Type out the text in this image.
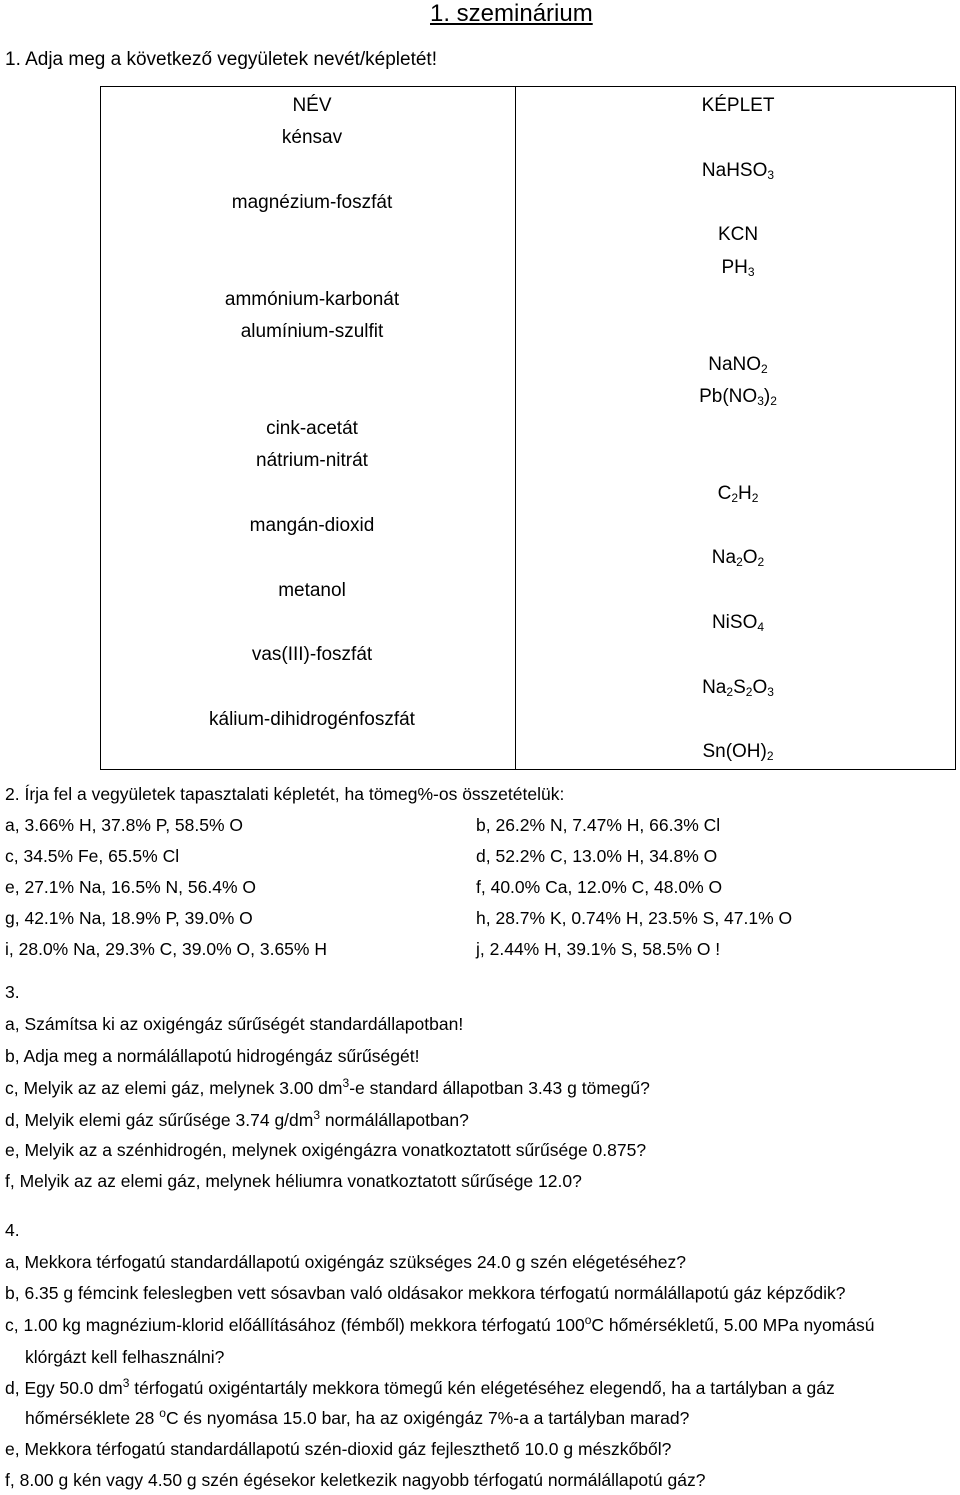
1. szeminárium
1. Adja meg a következő vegyületek nevét/képletét!
NÉV	KÉPLET
kénsav
magnézium-foszfát
ammónium-karbonát
alumínium-szulfit
cink-acetát
nátrium-nitrát
mangán-dioxid
metanol
vas(III)-foszfát
kálium-dihidrogénfoszfát
NaHSO$_3$
KCN
$PH_3$
NaNO$_2$
$Pb(NO_3)_2$
$C_2H_2$
$Na_2O_2$
NiSO$_4$
$Na_2S_2O_3$
$Sn(OH)_2$
2. Írja fel a vegyületek tapasztalati képletét, ha tömeg%-os összetételük:
a, 3.66% H, 37.8% P, 58.5% O
c, 34.5% Fe, 65.5% Cl
e, 27.1% Na, 16.5% N, 56.4% O
g, 42.1% Na, 18.9% P, 39.0% O
i, 28.0% Na, 29.3% C, 39.0% O, 3.65% H
b, 26.2% N, 7.47% H, 66.3% Cl
d, 52.2% C, 13.0% H, 34.8% O
f, 40.0% Ca, 12.0% C, 48.0% O
h, 28.7% K, 0.74% H, 23.5% S, 47.1% O
j, 2.44% H, 39.1% S, 58.5% O !
3.
a, Számítsa ki az oxigéngáz sűrűségét standardállapotban!
b, Adja meg a normálállapotú hidrogéngáz sűrűségét!
c, Melyik az az elemi gáz, melynek 3.00 $dm^3-e$ standard állapotban 3.43 g tömegű?
d, Melyik elemi gáz sűrűsége 3.74 $g/dm^3$ normálállapotban?
e, Melyik az a szénhidrogén, melynek oxigéngázra vonatkoztatott sűrűsége 0.875?
f, Melyik az az elemi gáz, melynek héliumra vonatkoztatott sűrűsége 12.0?
4.
a, Mekkora térfogatú standardállapotú oxigéngáz szükséges 24.0 g szén elégetéséhez?
b, 6.35 g fémcink feleslegben vett sósavban való oldásakor mekkora térfogatú normálállapotú gáz képződik?
c, 1.00 kg magnézium-klorid előállításához (fémből) mekkora térfogatú 100$^o$C hőmérsékletű, 5.00 MPa nyomású
klórgázt kell felhasználni?
d, Egy 50.0 $dm^3$ térfogatú oxigéntartály mekkora tömegű kén elégetéséhez elegendő, ha a tartályban a gáz
hőmérséklete 28 $^o$C és nyomása 15.0 bar, ha az oxigéngáz 7%-a a tartályban marad?
e, Mekkora térfogatú standardállapotú szén-dioxid gáz fejleszthető 10.0 g mészkőből?
f, 8.00 g kén vagy 4.50 g szén égésekor keletkezik nagyobb térfogatú normálállapotú gáz?
